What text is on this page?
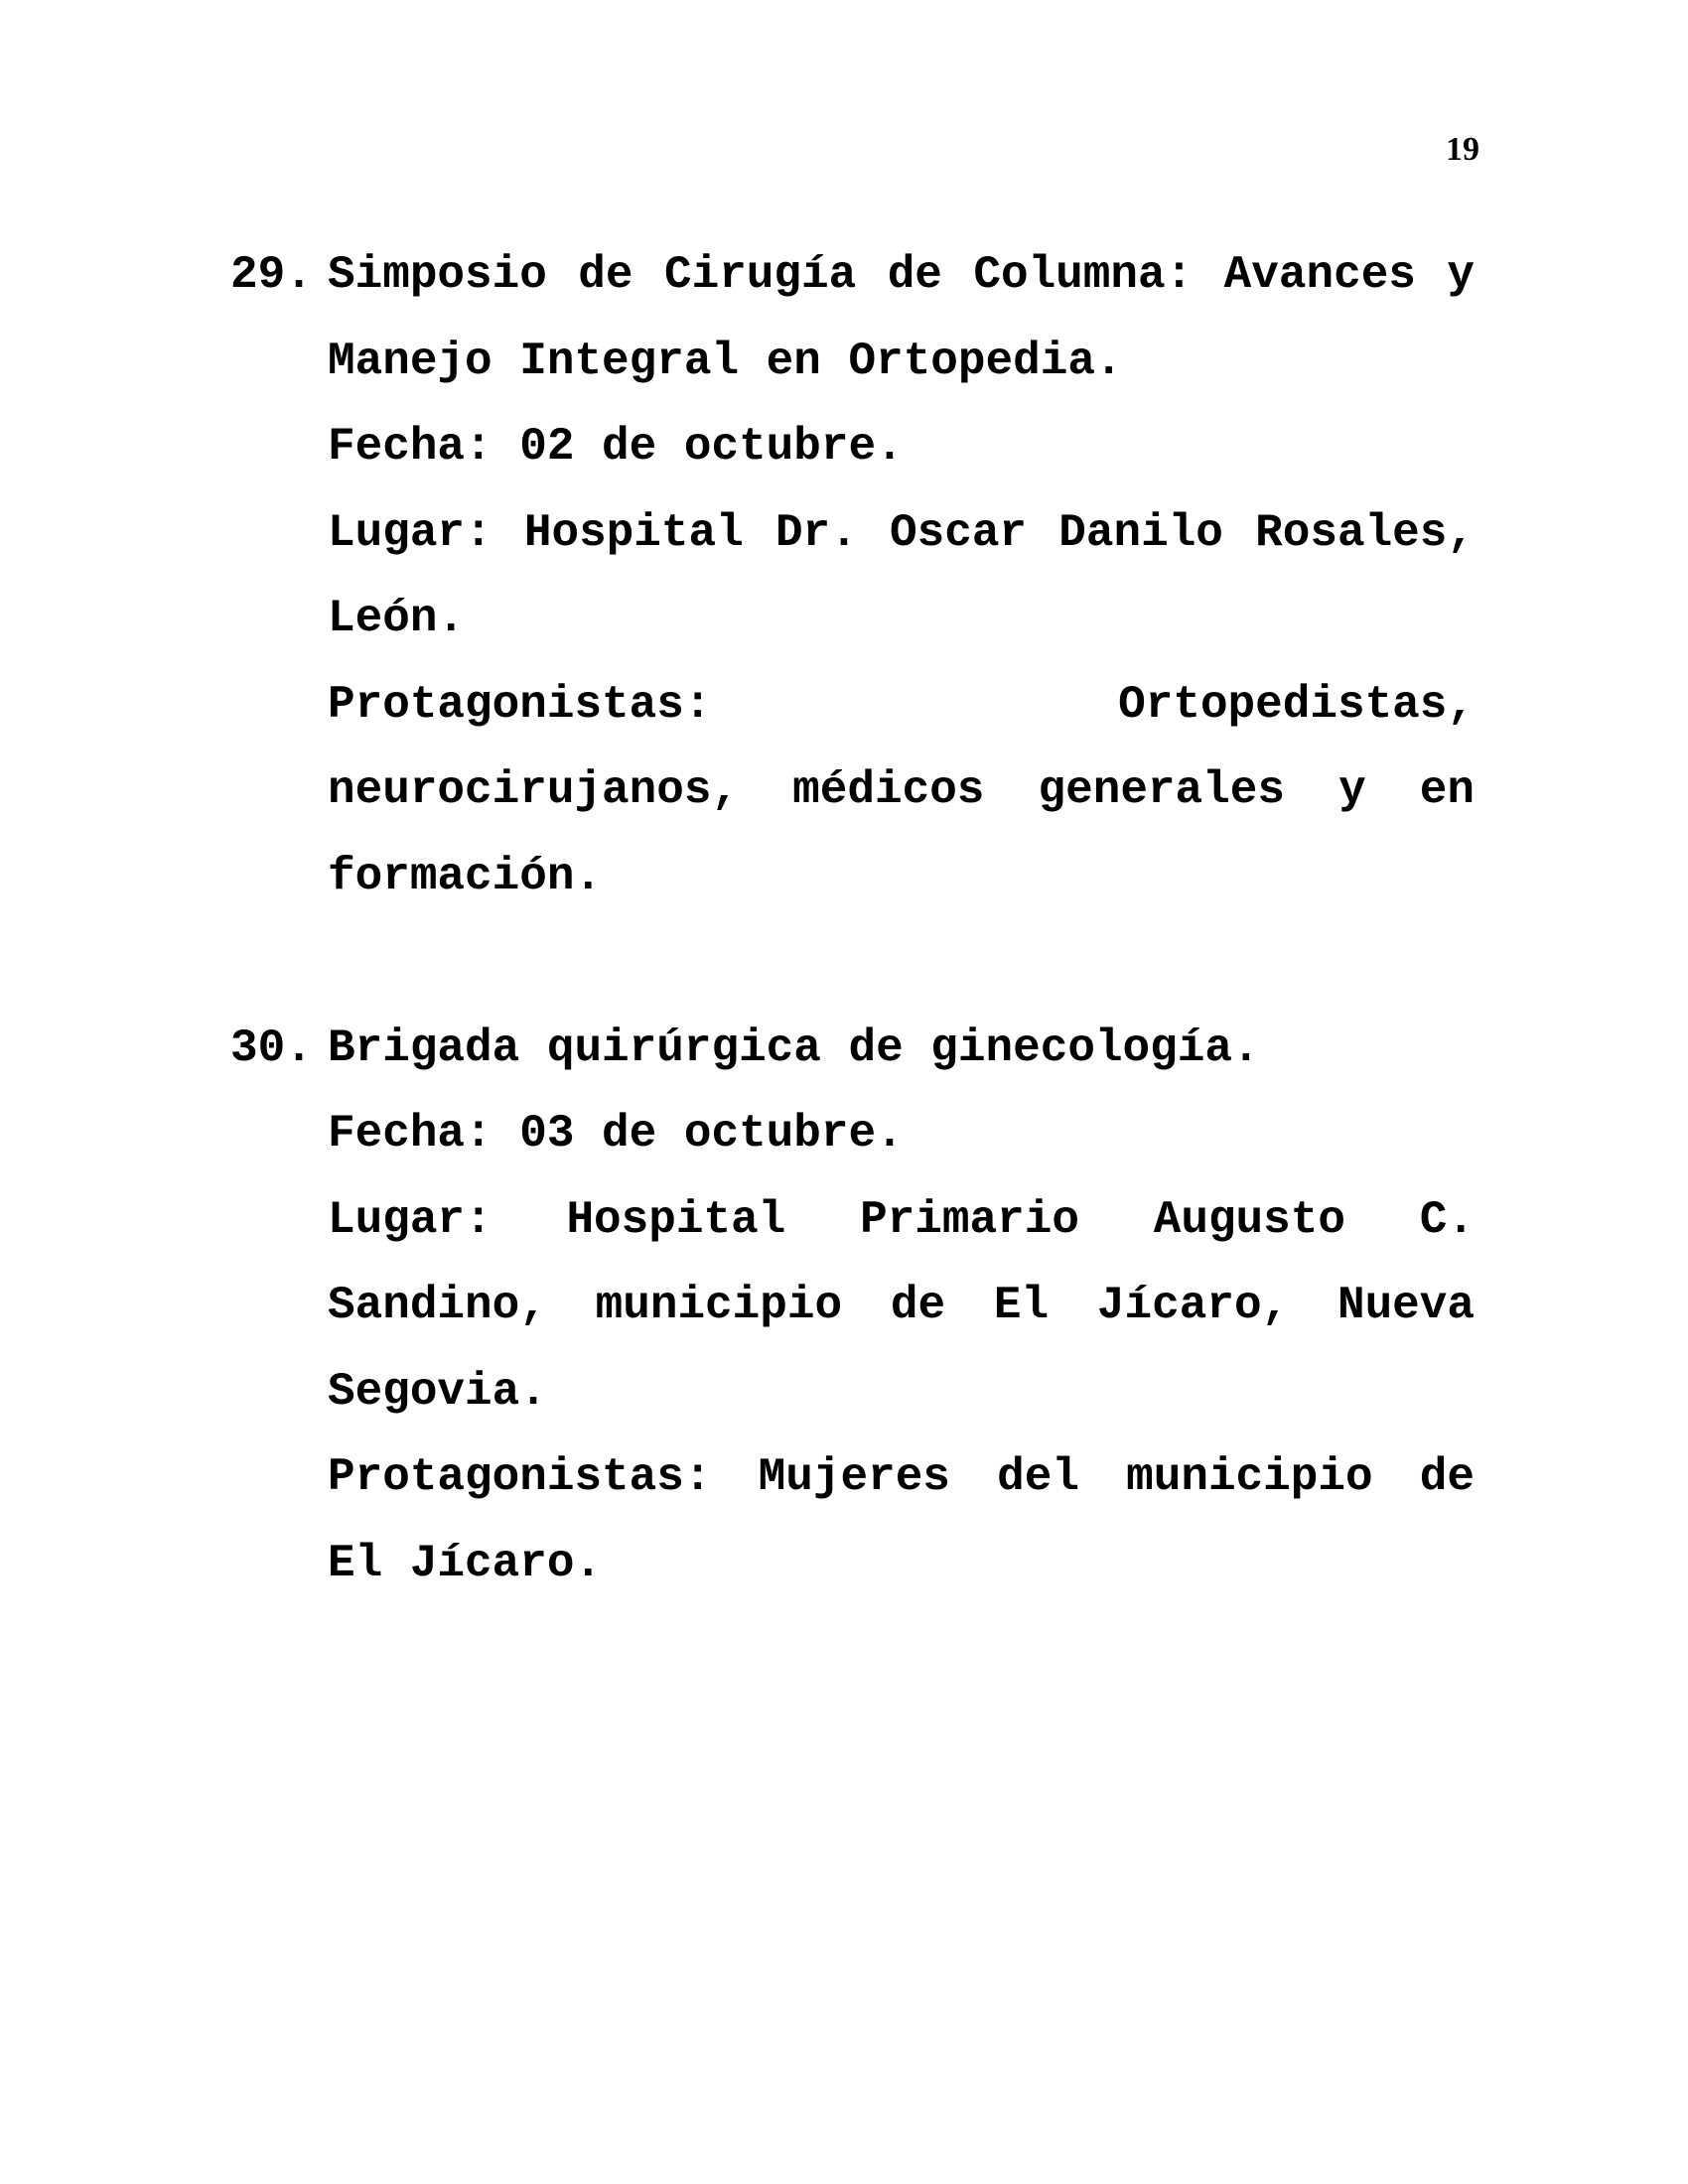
19
29. Simposio de Cirugía de Columna: Avances y Manejo Integral en Ortopedia.

Fecha: 02 de octubre.

Lugar: Hospital Dr. Oscar Danilo Rosales, León.

Protagonistas: Ortopedistas, neurocirujanos, médicos generales y en formación.

30. Brigada quirúrgica de ginecología.

Fecha: 03 de octubre.

Lugar: Hospital Primario Augusto C. Sandino, municipio de El Jícaro, Nueva Segovia.

Protagonistas: Mujeres del municipio de El Jícaro.
